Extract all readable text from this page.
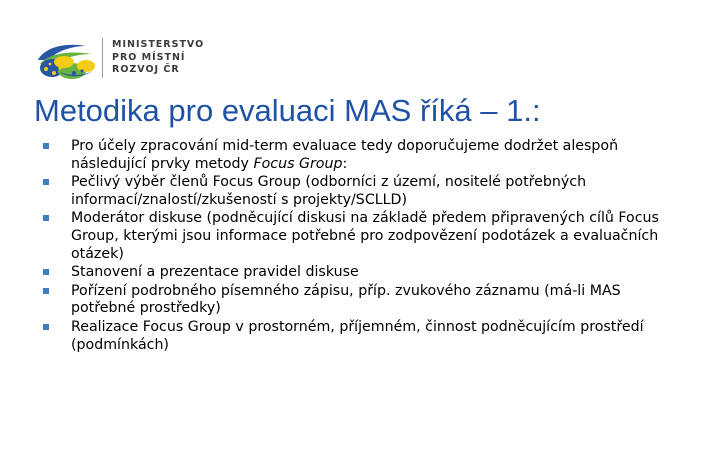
MINISTERSTVO
PRO MÍSTNÍ
ROZVOJ ČR
Metodika pro evaluaci MAS říká – 1.:
Pro účely zpracování mid-term evaluace tedy doporučujeme dodržet alespoň následující prvky metody Focus Group:
Pečlivý výběr členů Focus Group (odborníci z území, nositelé potřebných informací/znalostí/zkušeností s projekty/SCLLD)
Moderátor diskuse (podněcující diskusi na základě předem připravených cílů Focus Group, kterými jsou informace potřebné pro zodpovězení podotázek a evaluačních otázek)
Stanovení a prezentace pravidel diskuse
Pořízení podrobného písemného zápisu, příp. zvukového záznamu (má-li MAS potřebné prostředky)
Realizace Focus Group v prostorném, příjemném, činnost podněcujícím prostředí (podmínkách)
